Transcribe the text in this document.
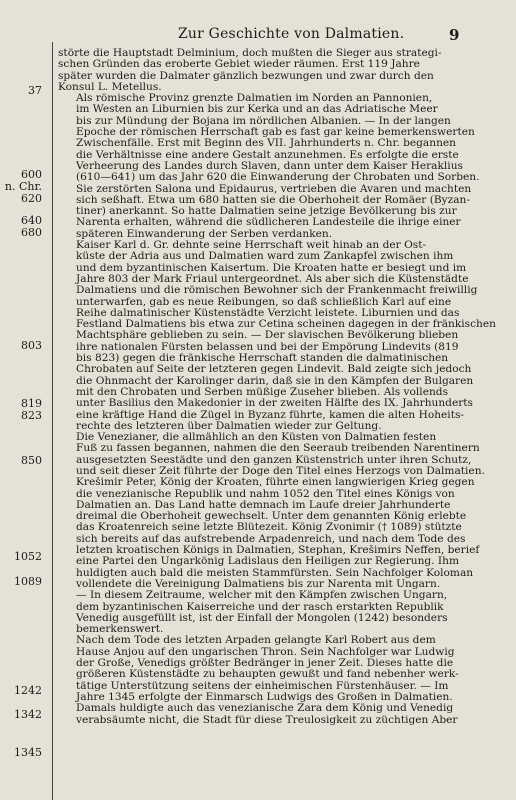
Zur Geschichte von Dalmatien.	9
37
600
n. Chr.
620
640
680
803
819
823
850
1052
1089
1242
1342
1345
störte die Hauptstadt Delminium, doch mußten die Sieger aus strategi-
schen Gründen das eroberte Gebiet wieder räumen. Erst 119 Jahre
später wurden die Dalmater gänzlich bezwungen und zwar durch den
Konsul L. Metellus.
Als römische Provinz grenzte Dalmatien im Norden an Pannonien,
im Westen an Liburnien bis zur Kerka und an das Adriatische Meer
bis zur Mündung der Bojana im nördlichen Albanien. — In der langen
Epoche der römischen Herrschaft gab es fast gar keine bemerkenswerten
Zwischenfälle. Erst mit Beginn des VII. Jahrhunderts n. Chr. begannen
die Verhältnisse eine andere Gestalt anzunehmen. Es erfolgte die erste
Verheerung des Landes durch Slaven, dann unter dem Kaiser Heraklius
(610—641) um das Jahr 620 die Einwanderung der Chrobaten und Sorben.
Sie zerstörten Salona und Epidaurus, vertrieben die Avaren und machten
sich seßhaft. Etwa um 680 hatten sie die Oberhoheit der Romäer (Byzan-
tiner) anerkannt. So hatte Dalmatien seine jetzige Bevölkerung bis zur
Narenta erhalten, während die südlicheren Landesteile die ihrige einer
späteren Einwanderung der Serben verdanken.
Kaiser Karl d. Gr. dehnte seine Herrschaft weit hinab an der Ost-
küste der Adria aus und Dalmatien ward zum Zankapfel zwischen ihm
und dem byzantinischen Kaisertum. Die Kroaten hatte er besiegt und im
Jahre 803 der Mark Friaul untergeordnet. Als aber sich die Küstenstädte
Dalmatiens und die römischen Bewohner sich der Frankenmacht freiwillig
unterwarfen, gab es neue Reibungen, so daß schließlich Karl auf eine
Reihe dalmatinischer Küstenstädte Verzicht leistete. Liburnien und das
Festland Dalmatiens bis etwa zur Cetina scheinen dagegen in der fränkischen
Machtsphäre geblieben zu sein. — Der slavischen Bevölkerung blieben
ihre nationalen Fürsten belassen und bei der Empörung Lindevits (819
bis 823) gegen die fränkische Herrschaft standen die dalmatinischen
Chrobaten auf Seite der letzteren gegen Lindevit. Bald zeigte sich jedoch
die Ohnmacht der Karolinger darin, daß sie in den Kämpfen der Bulgaren
mit den Chrobaten und Serben müßige Zuseher blieben. Als vollends
unter Basilius den Makedonier in der zweiten Hälfte des IX. Jahrhunderts
eine kräftige Hand die Zügel in Byzanz führte, kamen die alten Hoheits-
rechte des letzteren über Dalmatien wieder zur Geltung.
Die Venezianer, die allmählich an den Küsten von Dalmatien festen
Fuß zu fassen begannen, nahmen die den Seeraub treibenden Narentinern
ausgesetzten Seestädte und den ganzen Küstenstrich unter ihren Schutz,
und seit dieser Zeit führte der Doge den Titel eines Herzogs von Dalmatien.
Krešimir Peter, König der Kroaten, führte einen langwierigen Krieg gegen
die venezianische Republik und nahm 1052 den Titel eines Königs von
Dalmatien an. Das Land hatte demnach im Laufe dreier Jahrhunderte
dreimal die Oberhoheit gewechselt. Unter dem genannten König erlebte
das Kroatenreich seine letzte Blütezeit. König Zvonimir († 1089) stützte
sich bereits auf das aufstrebende Arpadenreich, und nach dem Tode des
letzten kroatischen Königs in Dalmatien, Stephan, Krešimirs Neffen, berief
eine Partei den Ungarkönig Ladislaus den Heiligen zur Regierung. Ihm
huldigten auch bald die meisten Stammfürsten. Sein Nachfolger Koloman
vollendete die Vereinigung Dalmatiens bis zur Narenta mit Ungarn.
— In diesem Zeitraume, welcher mit den Kämpfen zwischen Ungarn,
dem byzantinischen Kaiserreiche und der rasch erstarkten Republik
Venedig ausgefüllt ist, ist der Einfall der Mongolen (1242) besonders
bemerkenswert.
Nach dem Tode des letzten Arpaden gelangte Karl Robert aus dem
Hause Anjou auf den ungarischen Thron. Sein Nachfolger war Ludwig
der Große, Venedigs größter Bedränger in jener Zeit. Dieses hatte die
größeren Küstenstädte zu behaupten gewußt und fand nebenher werk-
tätige Unterstützung seitens der einheimischen Fürstenhäuser. — Im
Jahre 1345 erfolgte der Einmarsch Ludwigs des Großen in Dalmatien.
Damals huldigte auch das venezianische Zara dem König und Venedig
verabsäumte nicht, die Stadt für diese Treulosigkeit zu züchtigen Aber
